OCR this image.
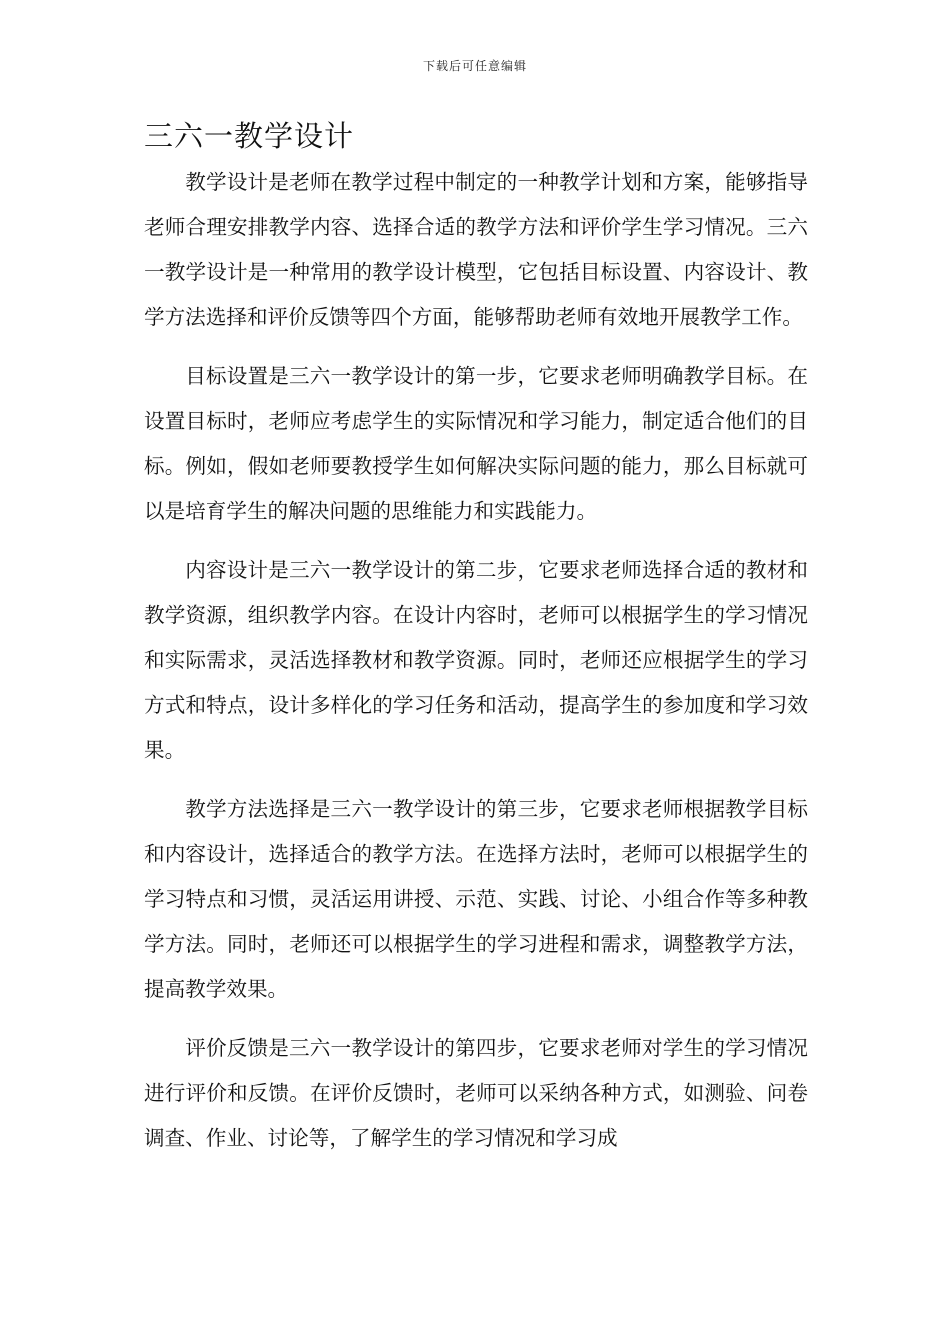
下载后可任意编辑
三六一教学设计

教学设计是老师在教学过程中制定的一种教学计划和方案，能够指导老师合理安排教学内容、选择合适的教学方法和评价学生学习情况。三六一教学设计是一种常用的教学设计模型，它包括目标设置、内容设计、教学方法选择和评价反馈等四个方面，能够帮助老师有效地开展教学工作。

目标设置是三六一教学设计的第一步，它要求老师明确教学目标。在设置目标时，老师应考虑学生的实际情况和学习能力，制定适合他们的目标。例如，假如老师要教授学生如何解决实际问题的能力，那么目标就可以是培育学生的解决问题的思维能力和实践能力。

内容设计是三六一教学设计的第二步，它要求老师选择合适的教材和教学资源，组织教学内容。在设计内容时，老师可以根据学生的学习情况和实际需求，灵活选择教材和教学资源。同时，老师还应根据学生的学习方式和特点，设计多样化的学习任务和活动，提高学生的参加度和学习效果。

教学方法选择是三六一教学设计的第三步，它要求老师根据教学目标和内容设计，选择适合的教学方法。在选择方法时，老师可以根据学生的学习特点和习惯，灵活运用讲授、示范、实践、讨论、小组合作等多种教学方法。同时，老师还可以根据学生的学习进程和需求，调整教学方法，提高教学效果。

评价反馈是三六一教学设计的第四步，它要求老师对学生的学习情况进行评价和反馈。在评价反馈时，老师可以采纳各种方式，如测验、问卷调查、作业、讨论等，了解学生的学习情况和学习成
